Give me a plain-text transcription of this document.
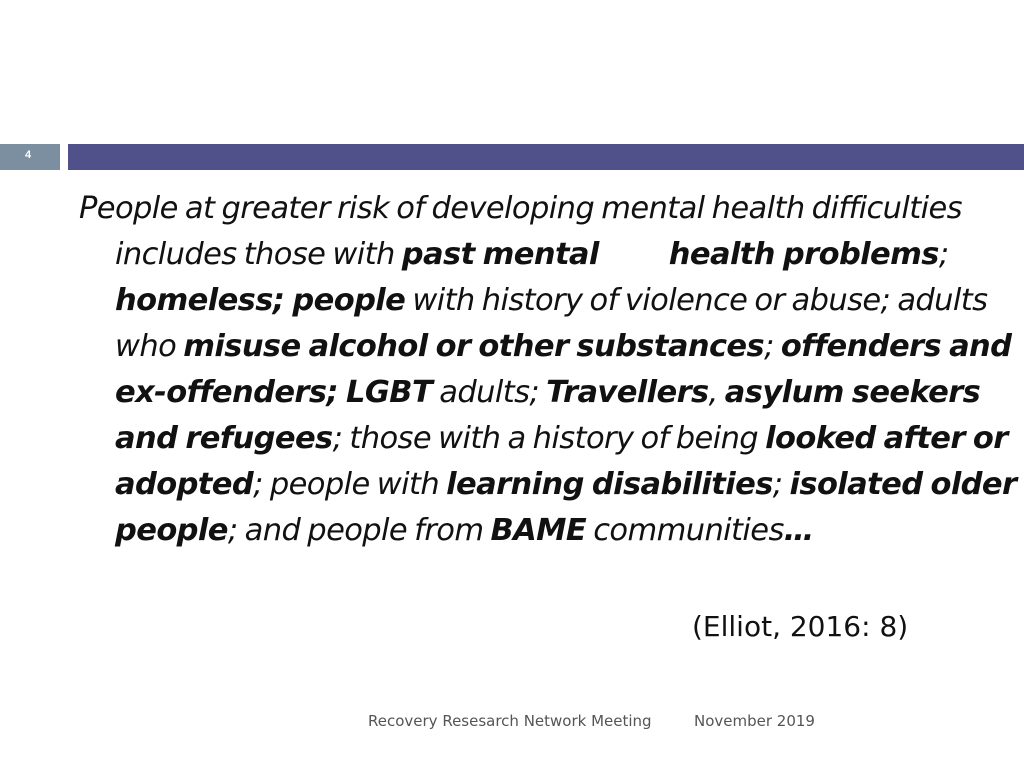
4

People at greater risk of developing mental health difficulties includes those with past mental health problems; homeless; people with history of violence or abuse; adults who misuse alcohol or other substances; offenders and ex-offenders; LGBT adults; Travellers, asylum seekers and refugees; those with a history of being looked after or adopted; people with learning disabilities; isolated older people; and people from BAME communities…

(Elliot, 2016: 8)
Recovery Resesarch Network Meeting	November 2019
